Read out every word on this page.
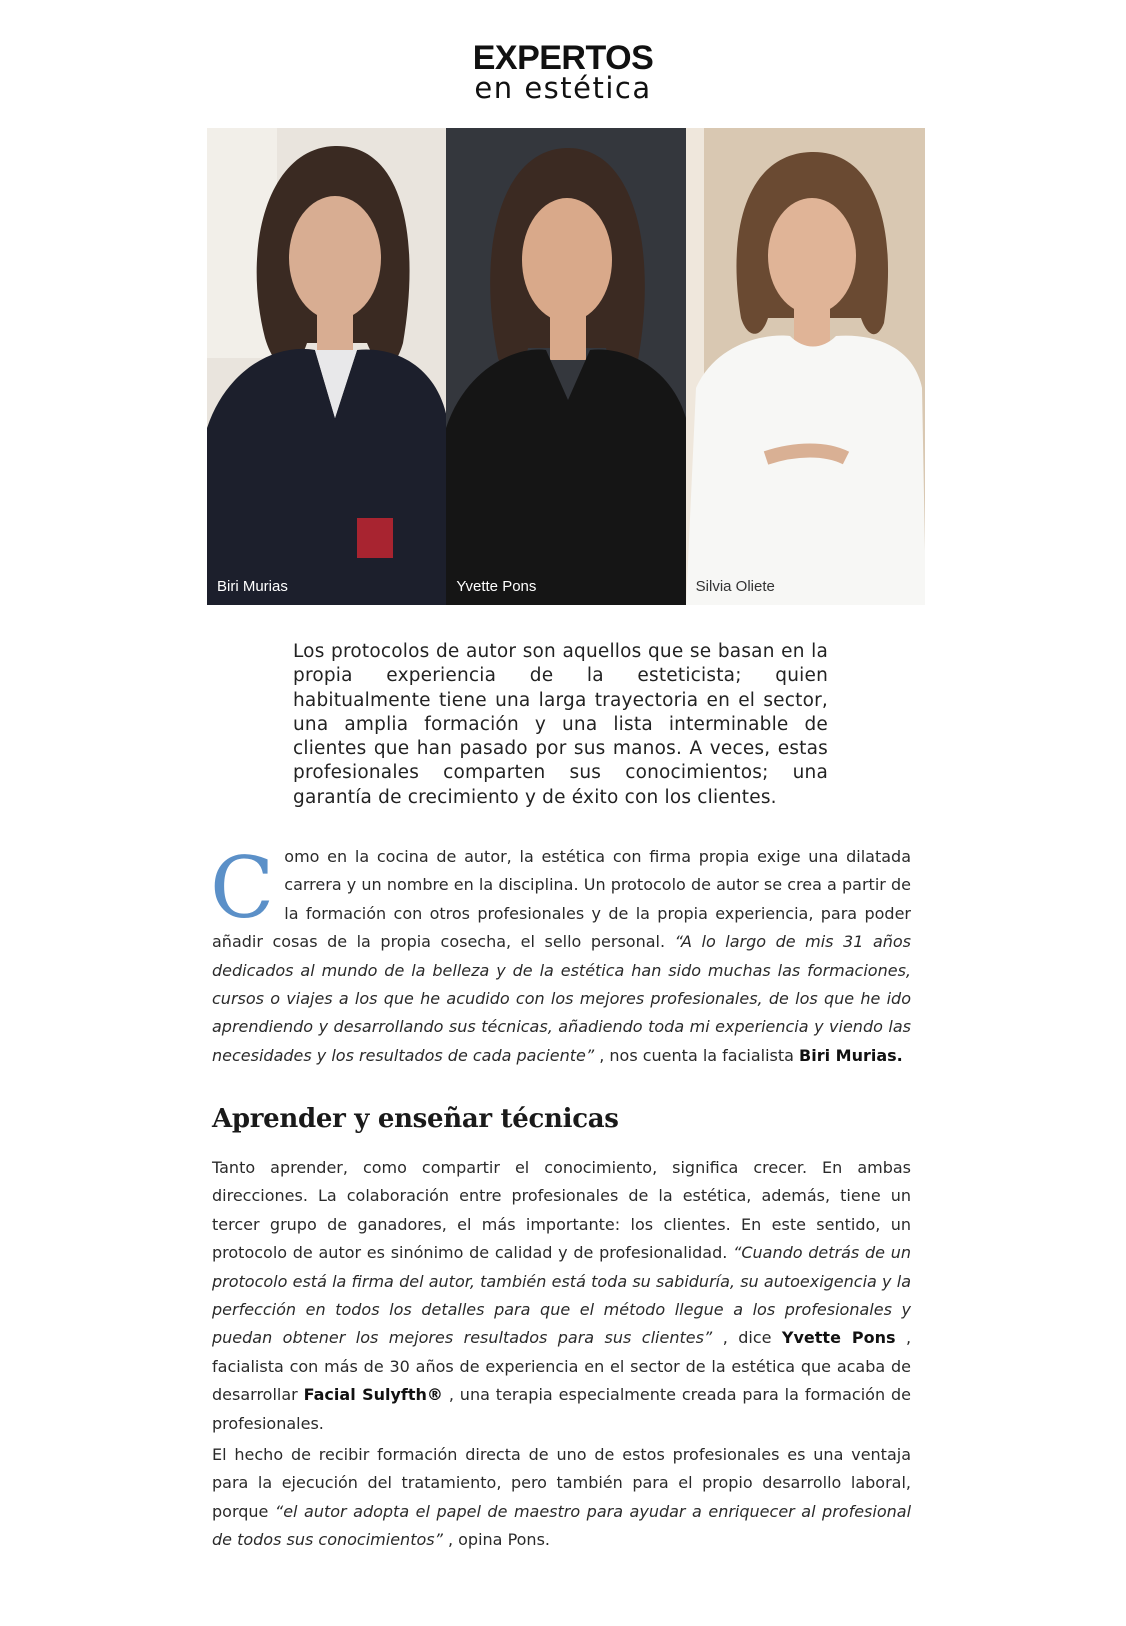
EXPERTOS
en estética
Biri Murias	Yvette Pons	Silvia Oliete

Los protocolos de autor son aquellos que se basan en la propia experiencia de la esteticista; quien habitualmente tiene una larga trayectoria en el sector, una amplia formación y una lista interminable de clientes que han pasado por sus manos. A veces, estas profesionales comparten sus conocimientos; una garantía de crecimiento y de éxito con los clientes.

C omo en la cocina de autor, la estética con firma propia exige una dilatada carrera y un nombre en la disciplina. Un protocolo de autor se crea a partir de la formación con otros profesionales y de la propia experiencia, para poder añadir cosas de la propia cosecha, el sello personal. “A lo largo de mis 31 años dedicados al mundo de la belleza y de la estética han sido muchas las formaciones, cursos o viajes a los que he acudido con los mejores profesionales, de los que he ido aprendiendo y desarrollando sus técnicas, añadiendo toda mi experiencia y viendo las necesidades y los resultados de cada paciente” , nos cuenta la facialista Biri Murias.

Aprender y enseñar técnicas

Tanto aprender, como compartir el conocimiento, significa crecer. En ambas direcciones. La colaboración entre profesionales de la estética, además, tiene un tercer grupo de ganadores, el más importante: los clientes. En este sentido, un protocolo de autor es sinónimo de calidad y de profesionalidad. “Cuando detrás de un protocolo está la firma del autor, también está toda su sabiduría, su autoexigencia y la perfección en todos los detalles para que el método llegue a los profesionales y puedan obtener los mejores resultados para sus clientes” , dice Yvette Pons , facialista con más de 30 años de experiencia en el sector de la estética que acaba de desarrollar Facial Sulyfth® , una terapia especialmente creada para la formación de profesionales.

El hecho de recibir formación directa de uno de estos profesionales es una ventaja para la ejecución del tratamiento, pero también para el propio desarrollo laboral, porque “el autor adopta el papel de maestro para ayudar a enriquecer al profesional de todos sus conocimientos” , opina Pons.
